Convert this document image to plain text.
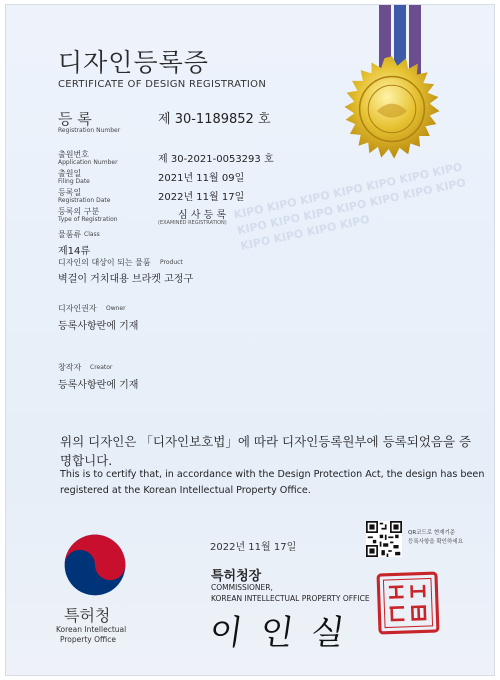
KIPO KIPO KIPO KIPO KIPO KIPO KIPO KIPO KIPO KIPO KIPO KIPO KIPO KIPO KIPO KIPO KIPO KIPO
디자인등록증
CERTIFICATE OF DESIGN REGISTRATION
등 록
Registration Number
제 30-1189852 호
출원번호
Application Number	제 30-2021-0053293 호
출원일
Filing Date	2021년 11월 09일
등록일
Registration Date	2022년 11월 17일
등록의 구분
Type of Registration	심 사 등 록
(EXAMINED REGISTRATION)
물품류 Class
제14류
디자인의 대상이 되는 물품 Product
벽걸이 거치대용 브라켓 고정구
디자인권자 Owner
등록사항란에 기재
창작자 Creator
등록사항란에 기재
위의 디자인은 「디자인보호법」에 따라 디자인등록원부에 등록되었음을 증명합니다.
This is to certify that, in accordance with the Design Protection Act, the design has been registered at the Korean Intellectual Property Office.
특허청
Korean Intellectual
Property Office
2022년 11월 17일
특허청장
COMMISSIONER,
KOREAN INTELLECTUAL PROPERTY OFFICE
이인실
QR코드로 현재기준
등록사항을 확인하세요
